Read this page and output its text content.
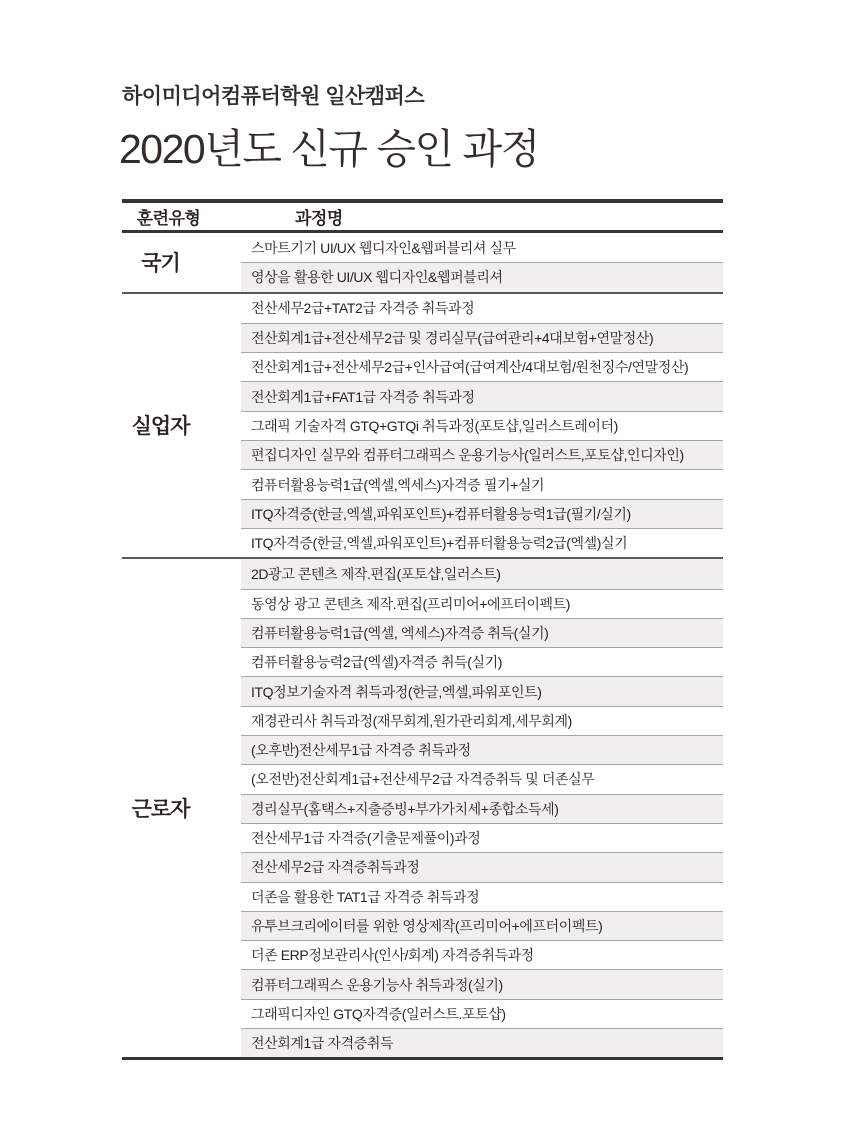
하이미디어컴퓨터학원 일산캠퍼스
2020년도 신규 승인 과정
훈련유형	과정명
국기
스마트기기 UI/UX 웹디자인&웹퍼블리셔 실무
영상을 활용한 UI/UX 웹디자인&웹퍼블리셔
실업자
전산세무2급+TAT2급 자격증 취득과정
전산회계1급+전산세무2급 및 경리실무(급여관리+4대보험+연말정산)
전산회계1급+전산세무2급+인사급여(급여계산/4대보험/원천징수/연말정산)
전산회계1급+FAT1급 자격증 취득과정
그래픽 기술자격 GTQ+GTQi 취득과정(포토샵,일러스트레이터)
편집디자인 실무와 컴퓨터그래픽스 운용기능사(일러스트,포토샵,인디자인)
컴퓨터활용능력1급(엑셀,엑세스)자격증 필기+실기
ITQ자격증(한글,엑셀,파워포인트)+컴퓨터활용능력1급(필기/실기)
ITQ자격증(한글,엑셀,파워포인트)+컴퓨터활용능력2급(엑셀)실기
근로자
2D광고 콘텐츠 제작.편집(포토샵,일러스트)
동영상 광고 콘텐츠 제작.편집(프리미어+에프터이펙트)
컴퓨터활용능력1급(엑셀, 엑세스)자격증 취득(실기)
컴퓨터활용능력2급(엑셀)자격증 취득(실기)
ITQ정보기술자격 취득과정(한글,엑셀,파워포인트)
재경관리사 취득과정(재무회계,원가관리회계,세무회계)
(오후반)전산세무1급 자격증 취득과정
(오전반)전산회계1급+전산세무2급 자격증취득 및 더존실무
경리실무(홈택스+지출증빙+부가가치세+종합소득세)
전산세무1급 자격증(기출문제풀이)과정
전산세무2급 자격증취득과정
더존을 활용한 TAT1급 자격증 취득과정
유투브크리에이터를 위한 영상제작(프리미어+에프터이펙트)
더존 ERP정보관리사(인사/회계) 자격증취득과정
컴퓨터그래픽스 운용기능사 취득과정(실기)
그래픽디자인 GTQ자격증(일러스트.포토샵)
전산회계1급 자격증취득
